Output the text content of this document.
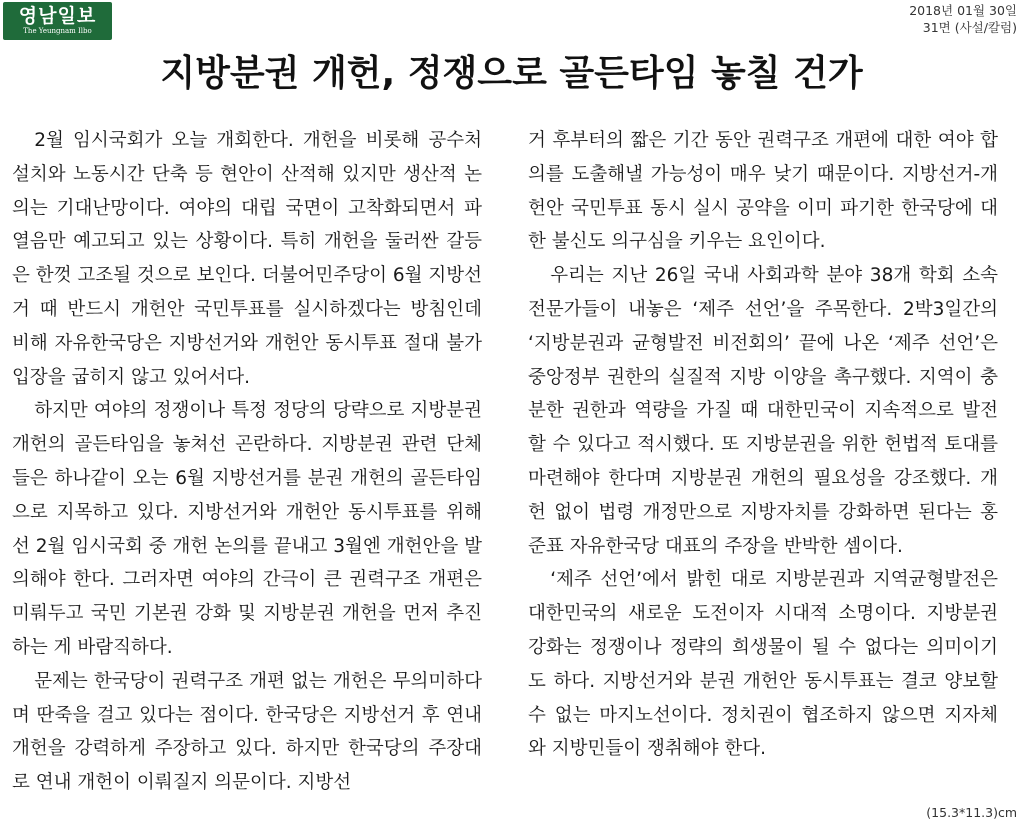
영남일보
The Yeungnam Ilbo
2018년 01월 30일
31면 (사설/칼럼)
지방분권 개헌, 정쟁으로 골든타임 놓칠 건가

2월 임시국회가 오늘 개회한다. 개헌을 비롯해 공수처 설치와 노동시간 단축 등 현안이 산적해 있지만 생산적 논의는 기대난망이다. 여야의 대립 국면이 고착화되면서 파열음만 예고되고 있는 상황이다. 특히 개헌을 둘러싼 갈등은 한껏 고조될 것으로 보인다. 더불어민주당이 6월 지방선거 때 반드시 개헌안 국민투표를 실시하겠다는 방침인데 비해 자유한국당은 지방선거와 개헌안 동시투표 절대 불가 입장을 굽히지 않고 있어서다.

하지만 여야의 정쟁이나 특정 정당의 당략으로 지방분권 개헌의 골든타임을 놓쳐선 곤란하다. 지방분권 관련 단체들은 하나같이 오는 6월 지방선거를 분권 개헌의 골든타임으로 지목하고 있다. 지방선거와 개헌안 동시투표를 위해선 2월 임시국회 중 개헌 논의를 끝내고 3월엔 개헌안을 발의해야 한다. 그러자면 여야의 간극이 큰 권력구조 개편은 미뤄두고 국민 기본권 강화 및 지방분권 개헌을 먼저 추진하는 게 바람직하다.

문제는 한국당이 권력구조 개편 없는 개헌은 무의미하다며 딴죽을 걸고 있다는 점이다. 한국당은 지방선거 후 연내 개헌을 강력하게 주장하고 있다. 하지만 한국당의 주장대로 연내 개헌이 이뤄질지 의문이다. 지방선

거 후부터의 짧은 기간 동안 권력구조 개편에 대한 여야 합의를 도출해낼 가능성이 매우 낮기 때문이다. 지방선거-개헌안 국민투표 동시 실시 공약을 이미 파기한 한국당에 대한 불신도 의구심을 키우는 요인이다.

우리는 지난 26일 국내 사회과학 분야 38개 학회 소속 전문가들이 내놓은 ‘제주 선언’을 주목한다. 2박3일간의 ‘지방분권과 균형발전 비전회의’ 끝에 나온 ‘제주 선언’은 중앙정부 권한의 실질적 지방 이양을 촉구했다. 지역이 충분한 권한과 역량을 가질 때 대한민국이 지속적으로 발전할 수 있다고 적시했다. 또 지방분권을 위한 헌법적 토대를 마련해야 한다며 지방분권 개헌의 필요성을 강조했다. 개헌 없이 법령 개정만으로 지방자치를 강화하면 된다는 홍준표 자유한국당 대표의 주장을 반박한 셈이다.

‘제주 선언’에서 밝힌 대로 지방분권과 지역균형발전은 대한민국의 새로운 도전이자 시대적 소명이다. 지방분권 강화는 정쟁이나 정략의 희생물이 될 수 없다는 의미이기도 하다. 지방선거와 분권 개헌안 동시투표는 결코 양보할 수 없는 마지노선이다. 정치권이 협조하지 않으면 지자체와 지방민들이 쟁취해야 한다.

(15.3*11.3)cm
